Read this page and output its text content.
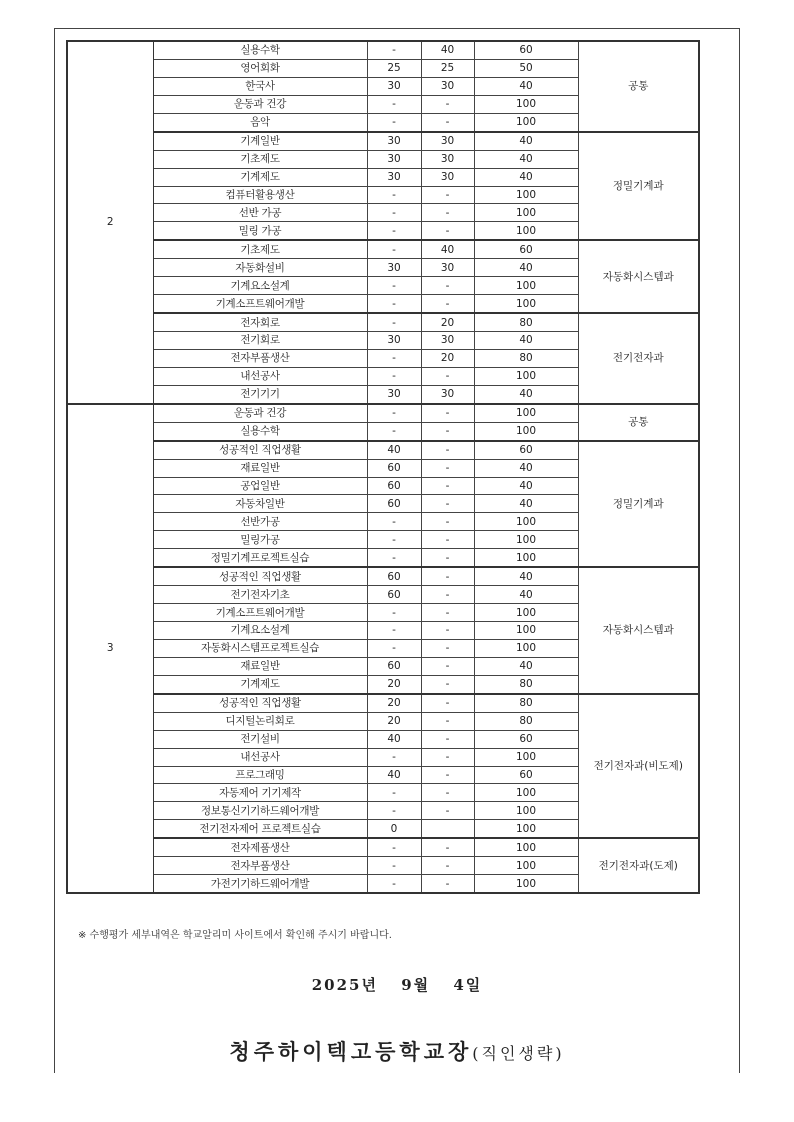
2	실용수학	-	40	60	공통
	영어회화	25	25	50	
	한국사	30	30	40	
	운동과 건강	-	-	100	
	음악	-	-	100	
	기계일반	30	30	40	정밀기계과
	기초제도	30	30	40	
	기계제도	30	30	40	
	컴퓨터활용생산	-	-	100	
	선반 가공	-	-	100	
	밀링 가공	-	-	100	
	기초제도	-	40	60	자동화시스템과
	자동화설비	30	30	40	
	기계요소설계	-	-	100	
	기계소프트웨어개발	-	-	100	
	전자회로	-	20	80	전기전자과
	전기회로	30	30	40	
	전자부품생산	-	20	80	
	내선공사	-	-	100	
	전기기기	30	30	40	
3	운동과 건강	-	-	100	공통
	실용수학	-	-	100	
	성공적인 직업생활	40	-	60	정밀기계과
	재료일반	60	-	40	
	공업일반	60	-	40	
	자동차일반	60	-	40	
	선반가공	-	-	100	
	밀링가공	-	-	100	
	정밀기계프로젝트실습	-	-	100	
	성공적인 직업생활	60	-	40	자동화시스템과
	전기전자기초	60	-	40	
	기계소프트웨어개발	-	-	100	
	기계요소설계	-	-	100	
	자동화시스템프로젝트실습	-	-	100	
	재료일반	60	-	40	
	기계제도	20	-	80	
	성공적인 직업생활	20	-	80	전기전자과(비도제)
	디지털논리회로	20	-	80	
	전기설비	40	-	60	
	내선공사	-	-	100	
	프로그래밍	40	-	60	
	자동제어 기기제작	-	-	100	
	정보통신기기하드웨어개발	-	-	100	
	전기전자제어 프로젝트실습	0		100	
	전자제품생산	-	-	100	전기전자과(도제)
	전자부품생산	-	-	100	
	가전기기하드웨어개발	-	-	100	
※ 수행평가 세부내역은 학교알리미 사이트에서 확인해 주시기 바랍니다.
2025년 9월 4일
청주하이텍고등학교장(직인생략)
